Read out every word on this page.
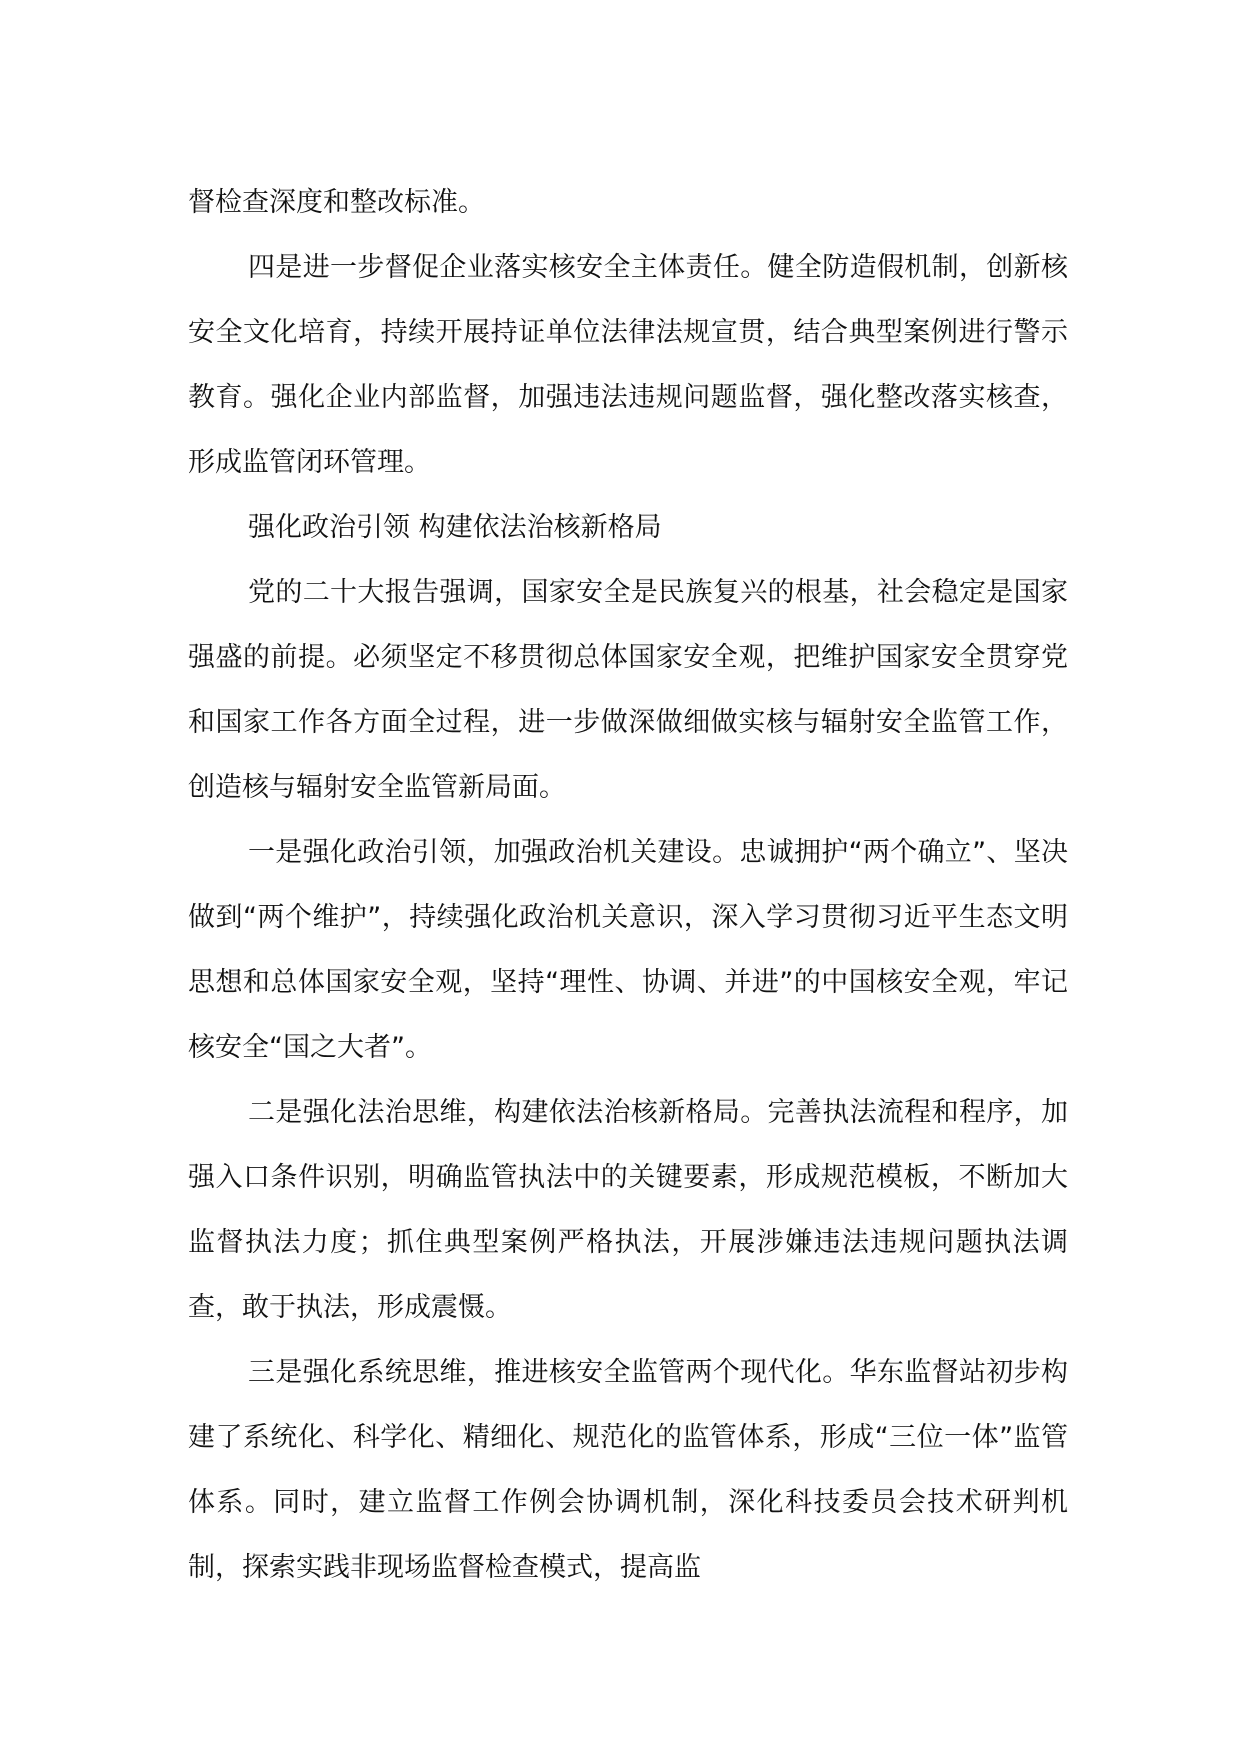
督检查深度和整改标准。

四是进一步督促企业落实核安全主体责任。健全防造假机制，创新核安全文化培育，持续开展持证单位法律法规宣贯，结合典型案例进行警示教育。强化企业内部监督，加强违法违规问题监督，强化整改落实核查，形成监管闭环管理。

强化政治引领 构建依法治核新格局

党的二十大报告强调，国家安全是民族复兴的根基，社会稳定是国家强盛的前提。必须坚定不移贯彻总体国家安全观，把维护国家安全贯穿党和国家工作各方面全过程，进一步做深做细做实核与辐射安全监管工作，创造核与辐射安全监管新局面。

一是强化政治引领，加强政治机关建设。忠诚拥护“两个确立”、坚决做到“两个维护”，持续强化政治机关意识，深入学习贯彻习近平生态文明思想和总体国家安全观，坚持“理性、协调、并进”的中国核安全观，牢记核安全“国之大者”。

二是强化法治思维，构建依法治核新格局。完善执法流程和程序，加强入口条件识别，明确监管执法中的关键要素，形成规范模板，不断加大监督执法力度；抓住典型案例严格执法，开展涉嫌违法违规问题执法调查，敢于执法，形成震慑。

三是强化系统思维，推进核安全监管两个现代化。华东监督站初步构建了系统化、科学化、精细化、规范化的监管体系，形成“三位一体”监管体系。同时，建立监督工作例会协调机制，深化科技委员会技术研判机制，探索实践非现场监督检查模式，提高监
